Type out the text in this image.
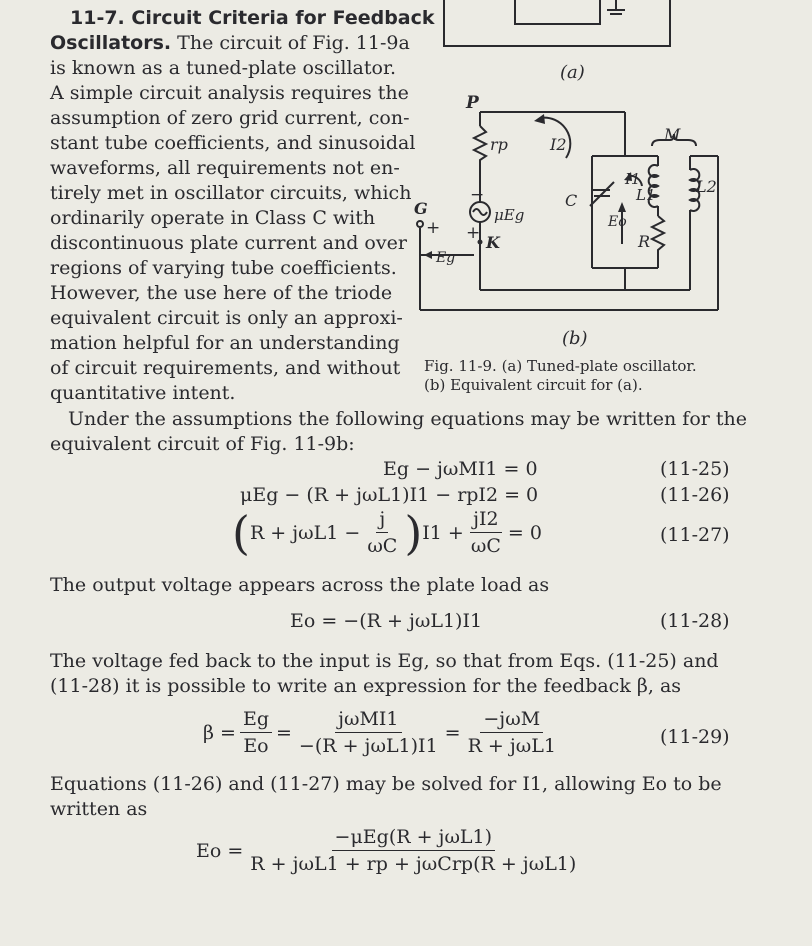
11-7. Circuit Criteria for Feedback
Oscillators. The circuit of Fig. 11-9a
is known as a tuned-plate oscillator.
A simple circuit analysis requires the
assumption of zero grid current, con-
stant tube coefficients, and sinusoidal
waveforms, all requirements not en-
tirely met in oscillator circuits, which
ordinarily operate in Class C with
discontinuous plate current and over
regions of varying tube coefficients.
However, the use here of the triode
equivalent circuit is only an approxi-
mation helpful for an understanding
of circuit requirements, and without
quantitative intent.
(a)
P
rp	I2
M
I1
L1	L2
C
Eo
R
μEg
G
K
Eg
+ +
−
(b)
Fig. 11-9. (a) Tuned-plate oscillator.
(b) Equivalent circuit for (a).
Under the assumptions the following equations may be written for the
equivalent circuit of Fig. 11-9b:
Eg − jωMI1 = 0	(11-25)
μEg − (R + jωL1)I1 − rpI2 = 0	(11-26)
( $R + j\omega L1 - \frac{j}{\omega C}$ ) $I1 + \frac{jI2}{\omega C} = 0$	(11-27)
The output voltage appears across the plate load as
Eo = −(R + jωL1)I1	(11-28)
The voltage fed back to the input is Eg, so that from Eqs. (11-25) and
(11-28) it is possible to write an expression for the feedback β, as
$\beta = \frac{Eg}{Eo} = \frac{\text{jωMI1}}{\text{−(R + jωL1)I1}} = \frac{\text{−jωM}}{\text{R + jωL1}}$	(11-29)
Equations (11-26) and (11-27) may be solved for I1, allowing Eo to be
written as
$Eo = \frac{\text{−μEg(R + jωL1)}}{\text{R + jωL1 + rp + jωCrp(R + jωL1)}}$
